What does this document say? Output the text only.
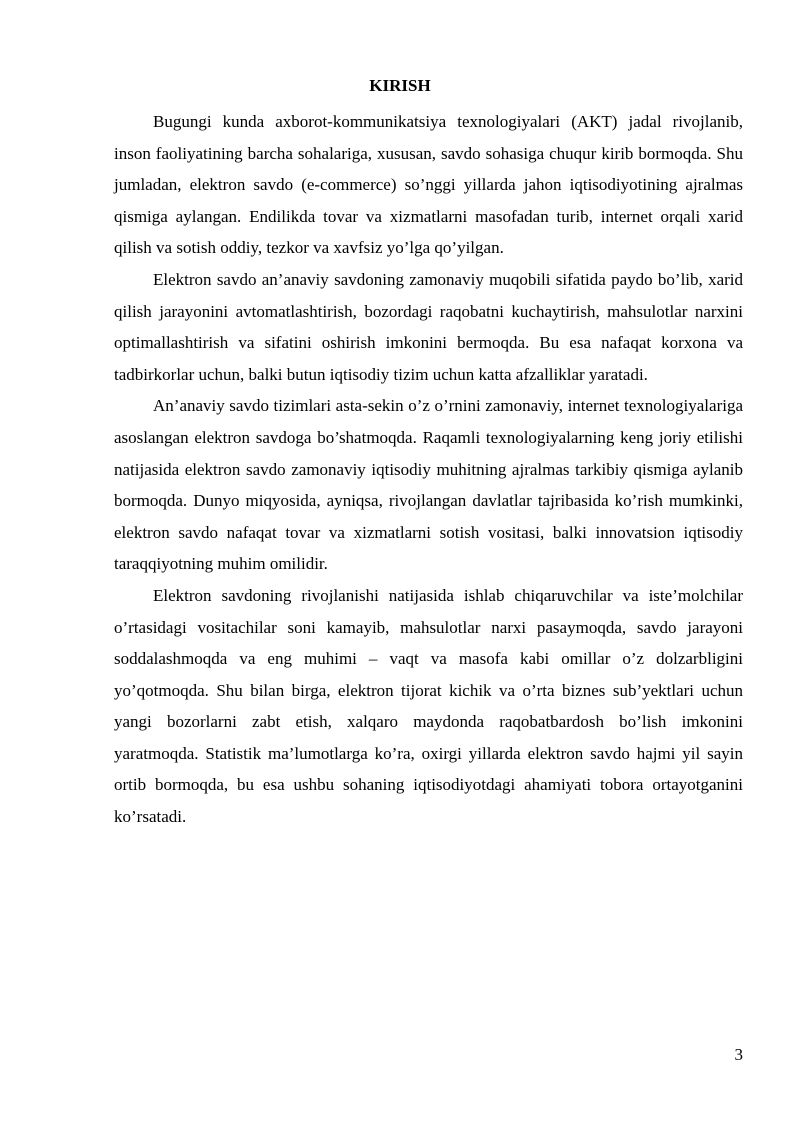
KIRISH

Bugungi kunda axborot-kommunikatsiya texnologiyalari (AKT) jadal rivojlanib, inson faoliyatining barcha sohalariga, xususan, savdo sohasiga chuqur kirib bormoqda. Shu jumladan, elektron savdo (e-commerce) so’nggi yillarda jahon iqtisodiyotining ajralmas qismiga aylangan. Endilikda tovar va xizmatlarni masofadan turib, internet orqali xarid qilish va sotish oddiy, tezkor va xavfsiz yo’lga qo’yilgan.

Elektron savdo an’anaviy savdoning zamonaviy muqobili sifatida paydo bo’lib, xarid qilish jarayonini avtomatlashtirish, bozordagi raqobatni kuchaytirish, mahsulotlar narxini optimallashtirish va sifatini oshirish imkonini bermoqda. Bu esa nafaqat korxona va tadbirkorlar uchun, balki butun iqtisodiy tizim uchun katta afzalliklar yaratadi.

An’anaviy savdo tizimlari asta-sekin o’z o’rnini zamonaviy, internet texnologiyalariga asoslangan elektron savdoga bo’shatmoqda. Raqamli texnologiyalarning keng joriy etilishi natijasida elektron savdo zamonaviy iqtisodiy muhitning ajralmas tarkibiy qismiga aylanib bormoqda. Dunyo miqyosida, ayniqsa, rivojlangan davlatlar tajribasida ko’rish mumkinki, elektron savdo nafaqat tovar va xizmatlarni sotish vositasi, balki innovatsion iqtisodiy taraqqiyotning muhim omilidir.

Elektron savdoning rivojlanishi natijasida ishlab chiqaruvchilar va iste’molchilar o’rtasidagi vositachilar soni kamayib, mahsulotlar narxi pasaymoqda, savdo jarayoni soddalashmoqda va eng muhimi – vaqt va masofa kabi omillar o’z dolzarbligini yo’qotmoqda. Shu bilan birga, elektron tijorat kichik va o’rta biznes sub’yektlari uchun yangi bozorlarni zabt etish, xalqaro maydonda raqobatbardosh bo’lish imkonini yaratmoqda. Statistik ma’lumotlarga ko’ra, oxirgi yillarda elektron savdo hajmi yil sayin ortib bormoqda, bu esa ushbu sohaning iqtisodiyotdagi ahamiyati tobora ortayotganini ko’rsatadi.

3
